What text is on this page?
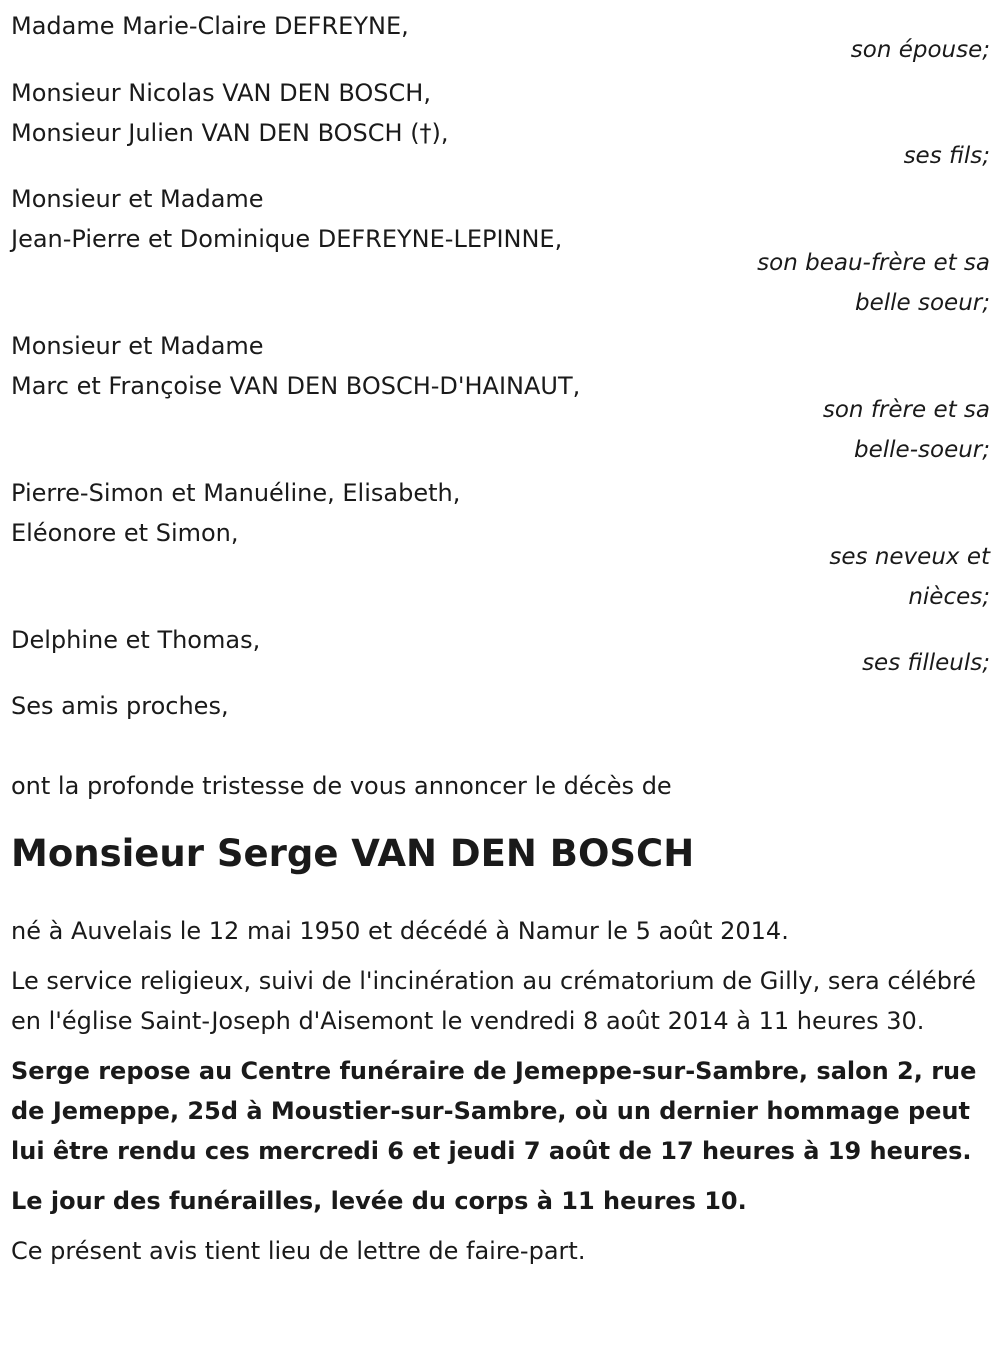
Madame Marie-Claire DEFREYNE,
son épouse;
Monsieur Nicolas VAN DEN BOSCH,
Monsieur Julien VAN DEN BOSCH (†),
ses fils;
Monsieur et Madame
Jean-Pierre et Dominique DEFREYNE-LEPINNE,
son beau-frère et sa
belle soeur;
Monsieur et Madame
Marc et Françoise VAN DEN BOSCH-D'HAINAUT,
son frère et sa
belle-soeur;
Pierre-Simon et Manuéline, Elisabeth,
Eléonore et Simon,
ses neveux et
nièces;
Delphine et Thomas,
ses filleuls;
Ses amis proches,
ont la profonde tristesse de vous annoncer le décès de
Monsieur Serge VAN DEN BOSCH
né à Auvelais le 12 mai 1950 et décédé à Namur le 5 août 2014.
Le service religieux, suivi de l'incinération au crématorium de Gilly, sera célébré en l'église Saint-Joseph d'Aisemont le vendredi 8 août 2014 à 11 heures 30.
Serge repose au Centre funéraire de Jemeppe-sur-Sambre, salon 2, rue de Jemeppe, 25d à Moustier-sur-Sambre, où un dernier hommage peut lui être rendu ces mercredi 6 et jeudi 7 août de 17 heures à 19 heures.
Le jour des funérailles, levée du corps à 11 heures 10.
Ce présent avis tient lieu de lettre de faire-part.
